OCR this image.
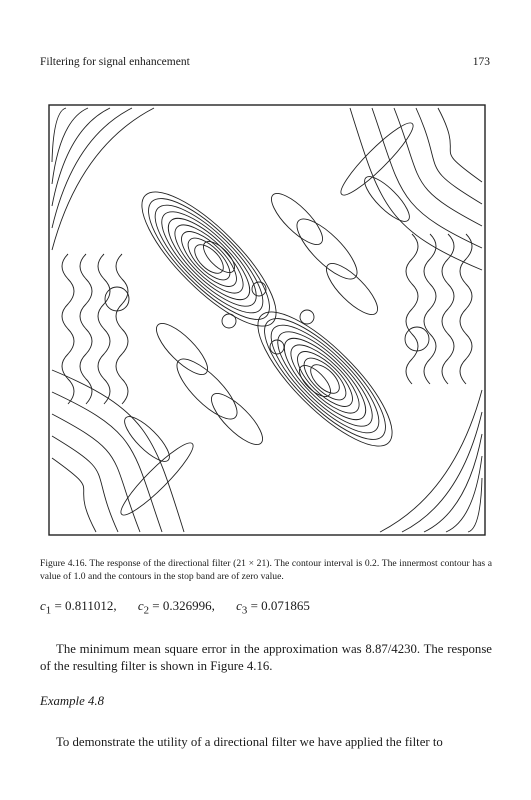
Filtering for signal enhancement	173
Figure 4.16. The response of the directional filter (21 × 21). The contour interval is 0.2. The innermost contour has a value of 1.0 and the contours in the stop band are of zero value.
$c_1 = 0.811012$, $c_2 = 0.326996$, $c_3 = 0.071865$
The minimum mean square error in the approximation was 8.87/4230. The response of the resulting filter is shown in Figure 4.16.
Example 4.8
To demonstrate the utility of a directional filter we have applied the filter to
